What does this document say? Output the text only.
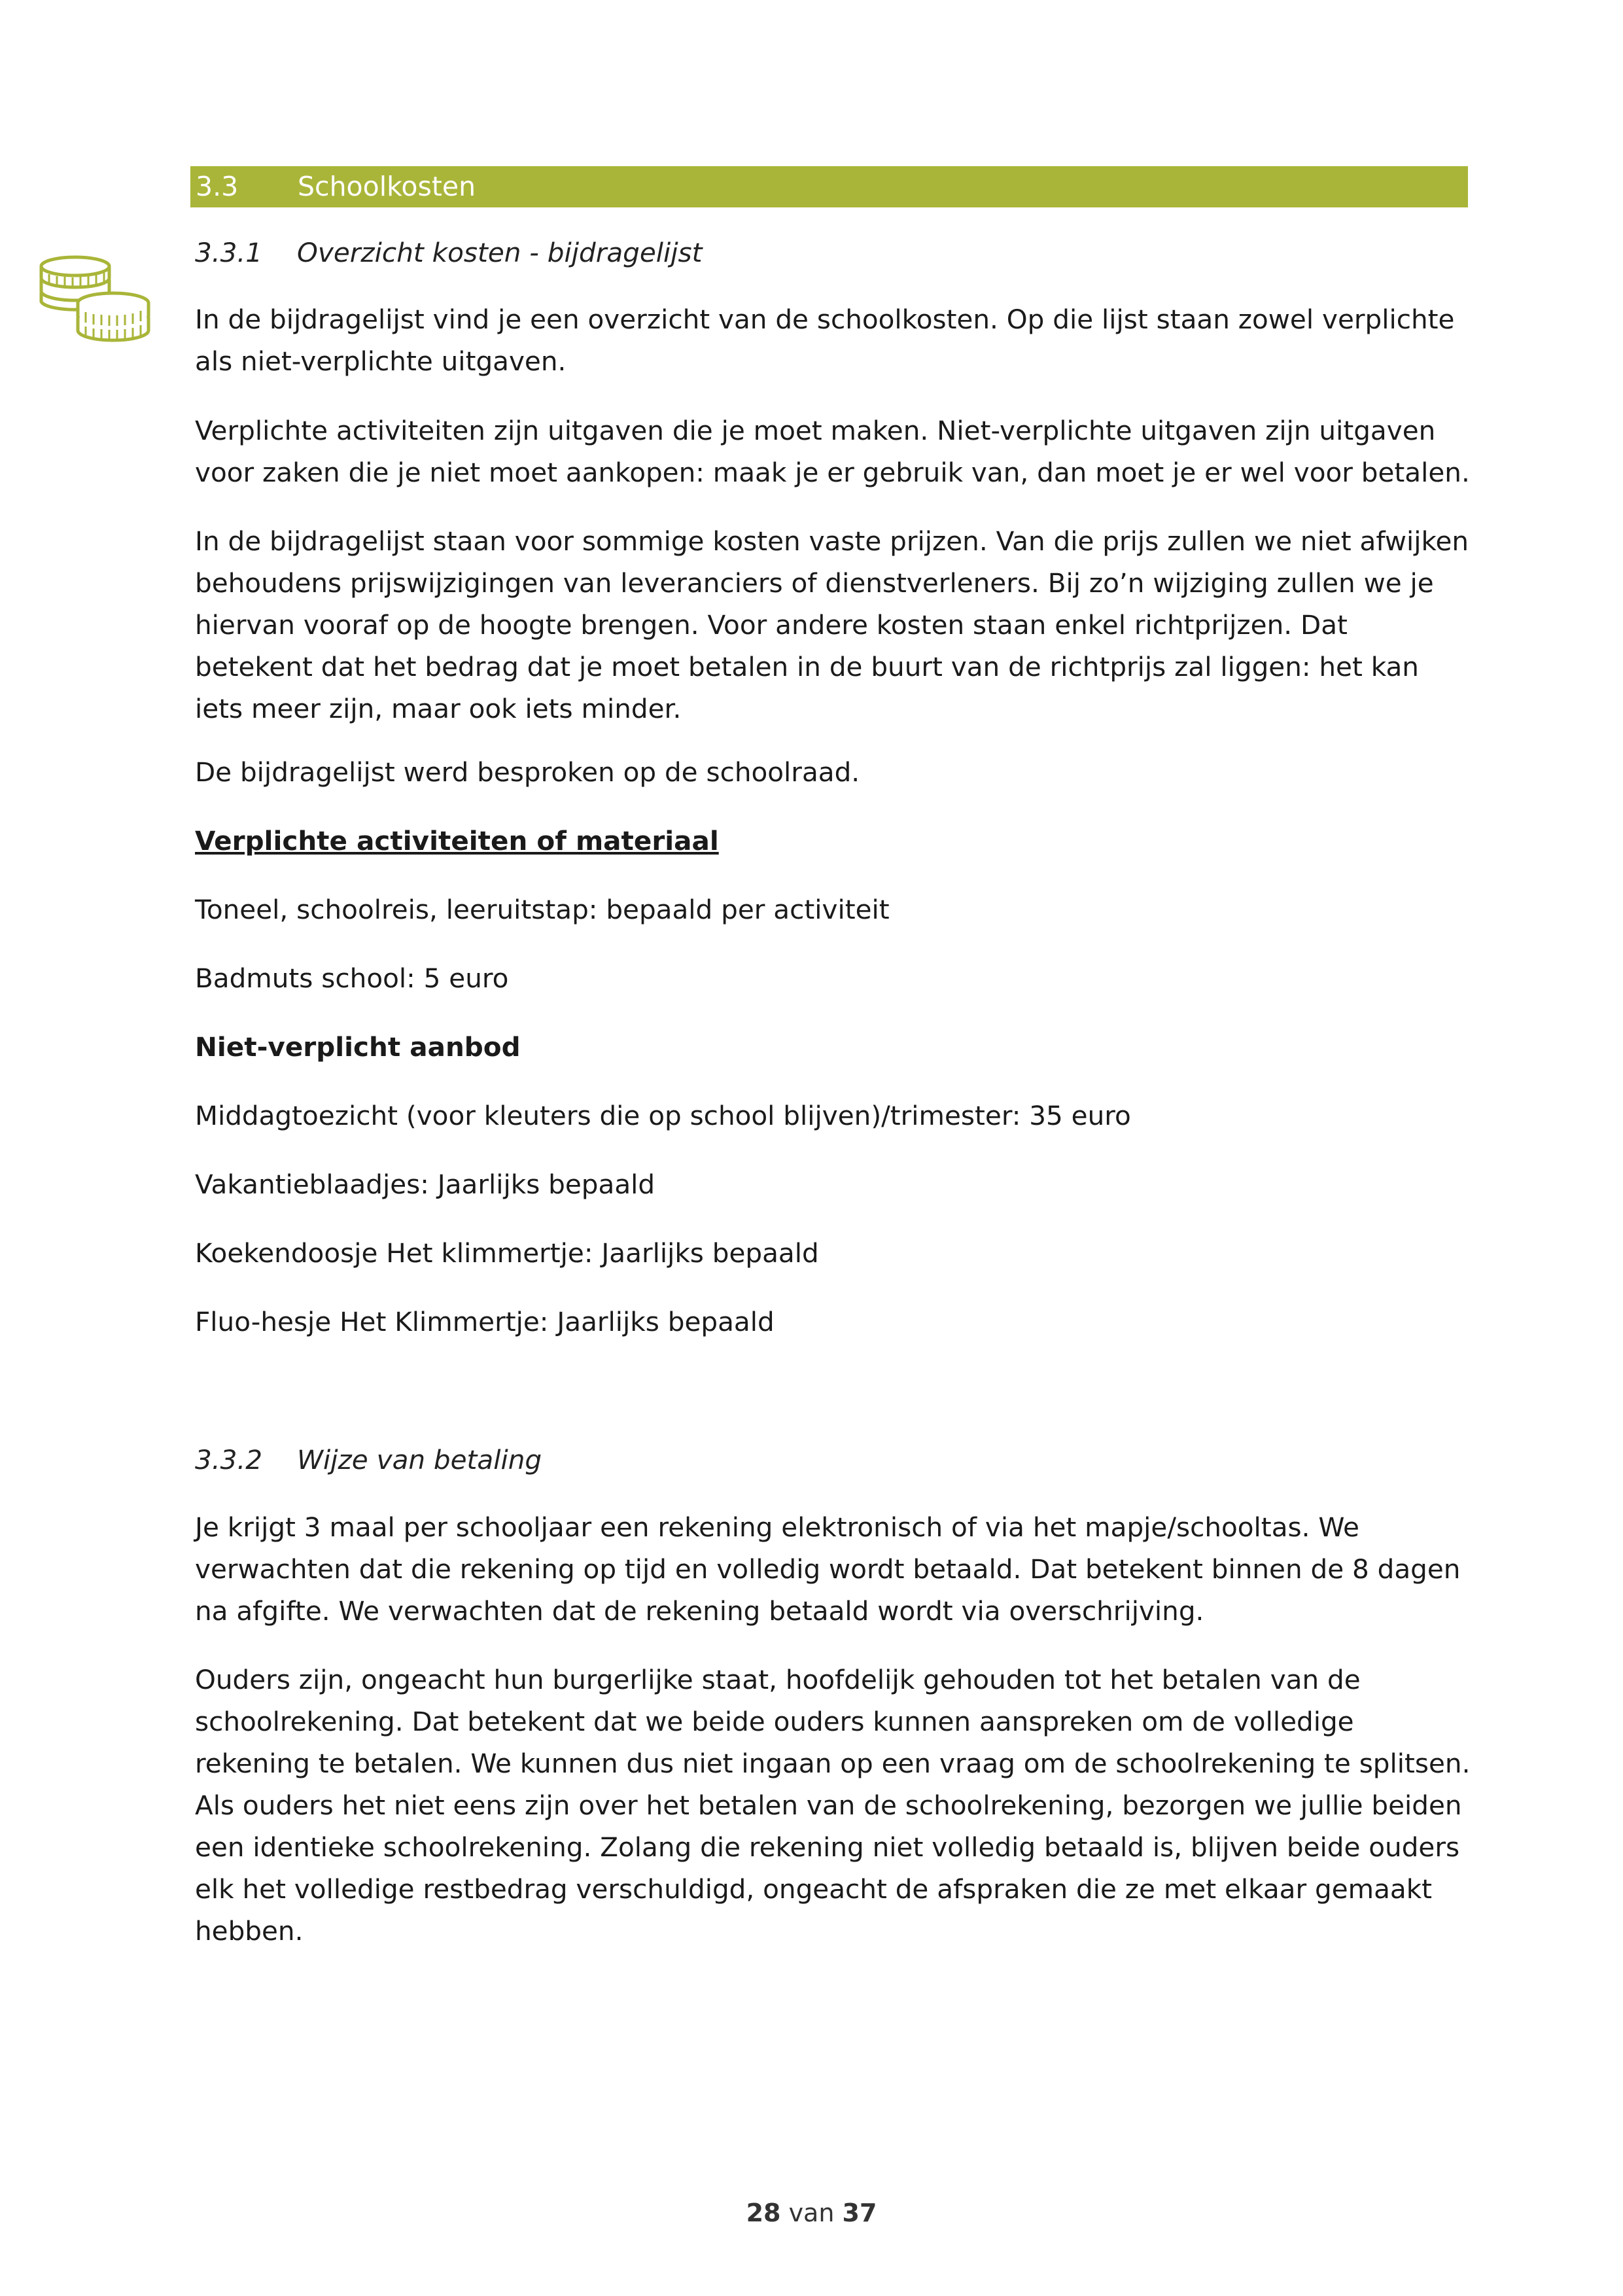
3.3	Schoolkosten
3.3.1 Overzicht kosten - bijdragelijst

In de bijdragelijst vind je een overzicht van de schoolkosten. Op die lijst staan zowel verplichte als niet-verplichte uitgaven.

Verplichte activiteiten zijn uitgaven die je moet maken. Niet-verplichte uitgaven zijn uitgaven voor zaken die je niet moet aankopen: maak je er gebruik van, dan moet je er wel voor betalen.

In de bijdragelijst staan voor sommige kosten vaste prijzen. Van die prijs zullen we niet afwijken behoudens prijswijzigingen van leveranciers of dienstverleners. Bij zo’n wijziging zullen we je hiervan vooraf op de hoogte brengen. Voor andere kosten staan enkel richtprijzen. Dat betekent dat het bedrag dat je moet betalen in de buurt van de richtprijs zal liggen: het kan iets meer zijn, maar ook iets minder.

De bijdragelijst werd besproken op de schoolraad.

Verplichte activiteiten of materiaal

Toneel, schoolreis, leeruitstap: bepaald per activiteit

Badmuts school: 5 euro

Niet-verplicht aanbod

Middagtoezicht (voor kleuters die op school blijven)/trimester: 35 euro

Vakantieblaadjes: Jaarlijks bepaald

Koekendoosje Het klimmertje: Jaarlijks bepaald

Fluo-hesje Het Klimmertje: Jaarlijks bepaald

3.3.2 Wijze van betaling

Je krijgt 3 maal per schooljaar een rekening elektronisch of via het mapje/schooltas. We verwachten dat die rekening op tijd en volledig wordt betaald. Dat betekent binnen de 8 dagen na afgifte. We verwachten dat de rekening betaald wordt via overschrijving.

Ouders zijn, ongeacht hun burgerlijke staat, hoofdelijk gehouden tot het betalen van de schoolrekening. Dat betekent dat we beide ouders kunnen aanspreken om de volledige rekening te betalen. We kunnen dus niet ingaan op een vraag om de schoolrekening te splitsen. Als ouders het niet eens zijn over het betalen van de schoolrekening, bezorgen we jullie beiden een identieke schoolrekening. Zolang die rekening niet volledig betaald is, blijven beide ouders elk het volledige restbedrag verschuldigd, ongeacht de afspraken die ze met elkaar gemaakt hebben.

28 van 37
